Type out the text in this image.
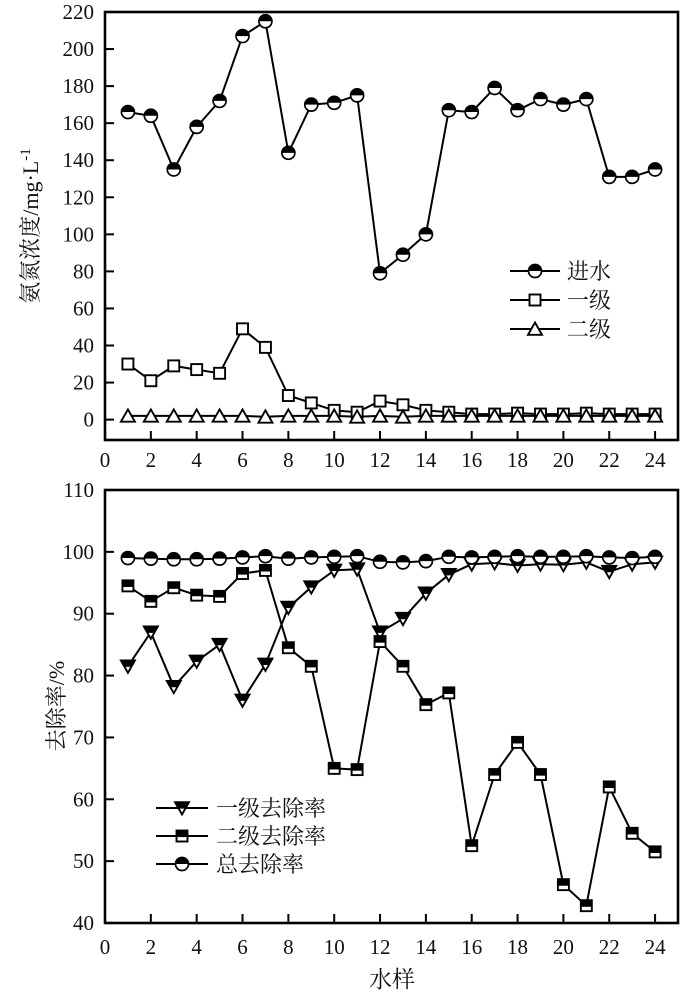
0
20
40
60
80
100
120
140
160
180
200
220
0 2 4 6 8 10 12 14 16 18 20 22 24
氨氮浓度$/mg\cdot L^{-1}$
进水
一级
二级
40
50
60
70
80
90
100
110
0 2 4 6 8 10 12 14 16 18 20 22 24
去除率/%
水样
一级去除率
二级去除率
总去除率
